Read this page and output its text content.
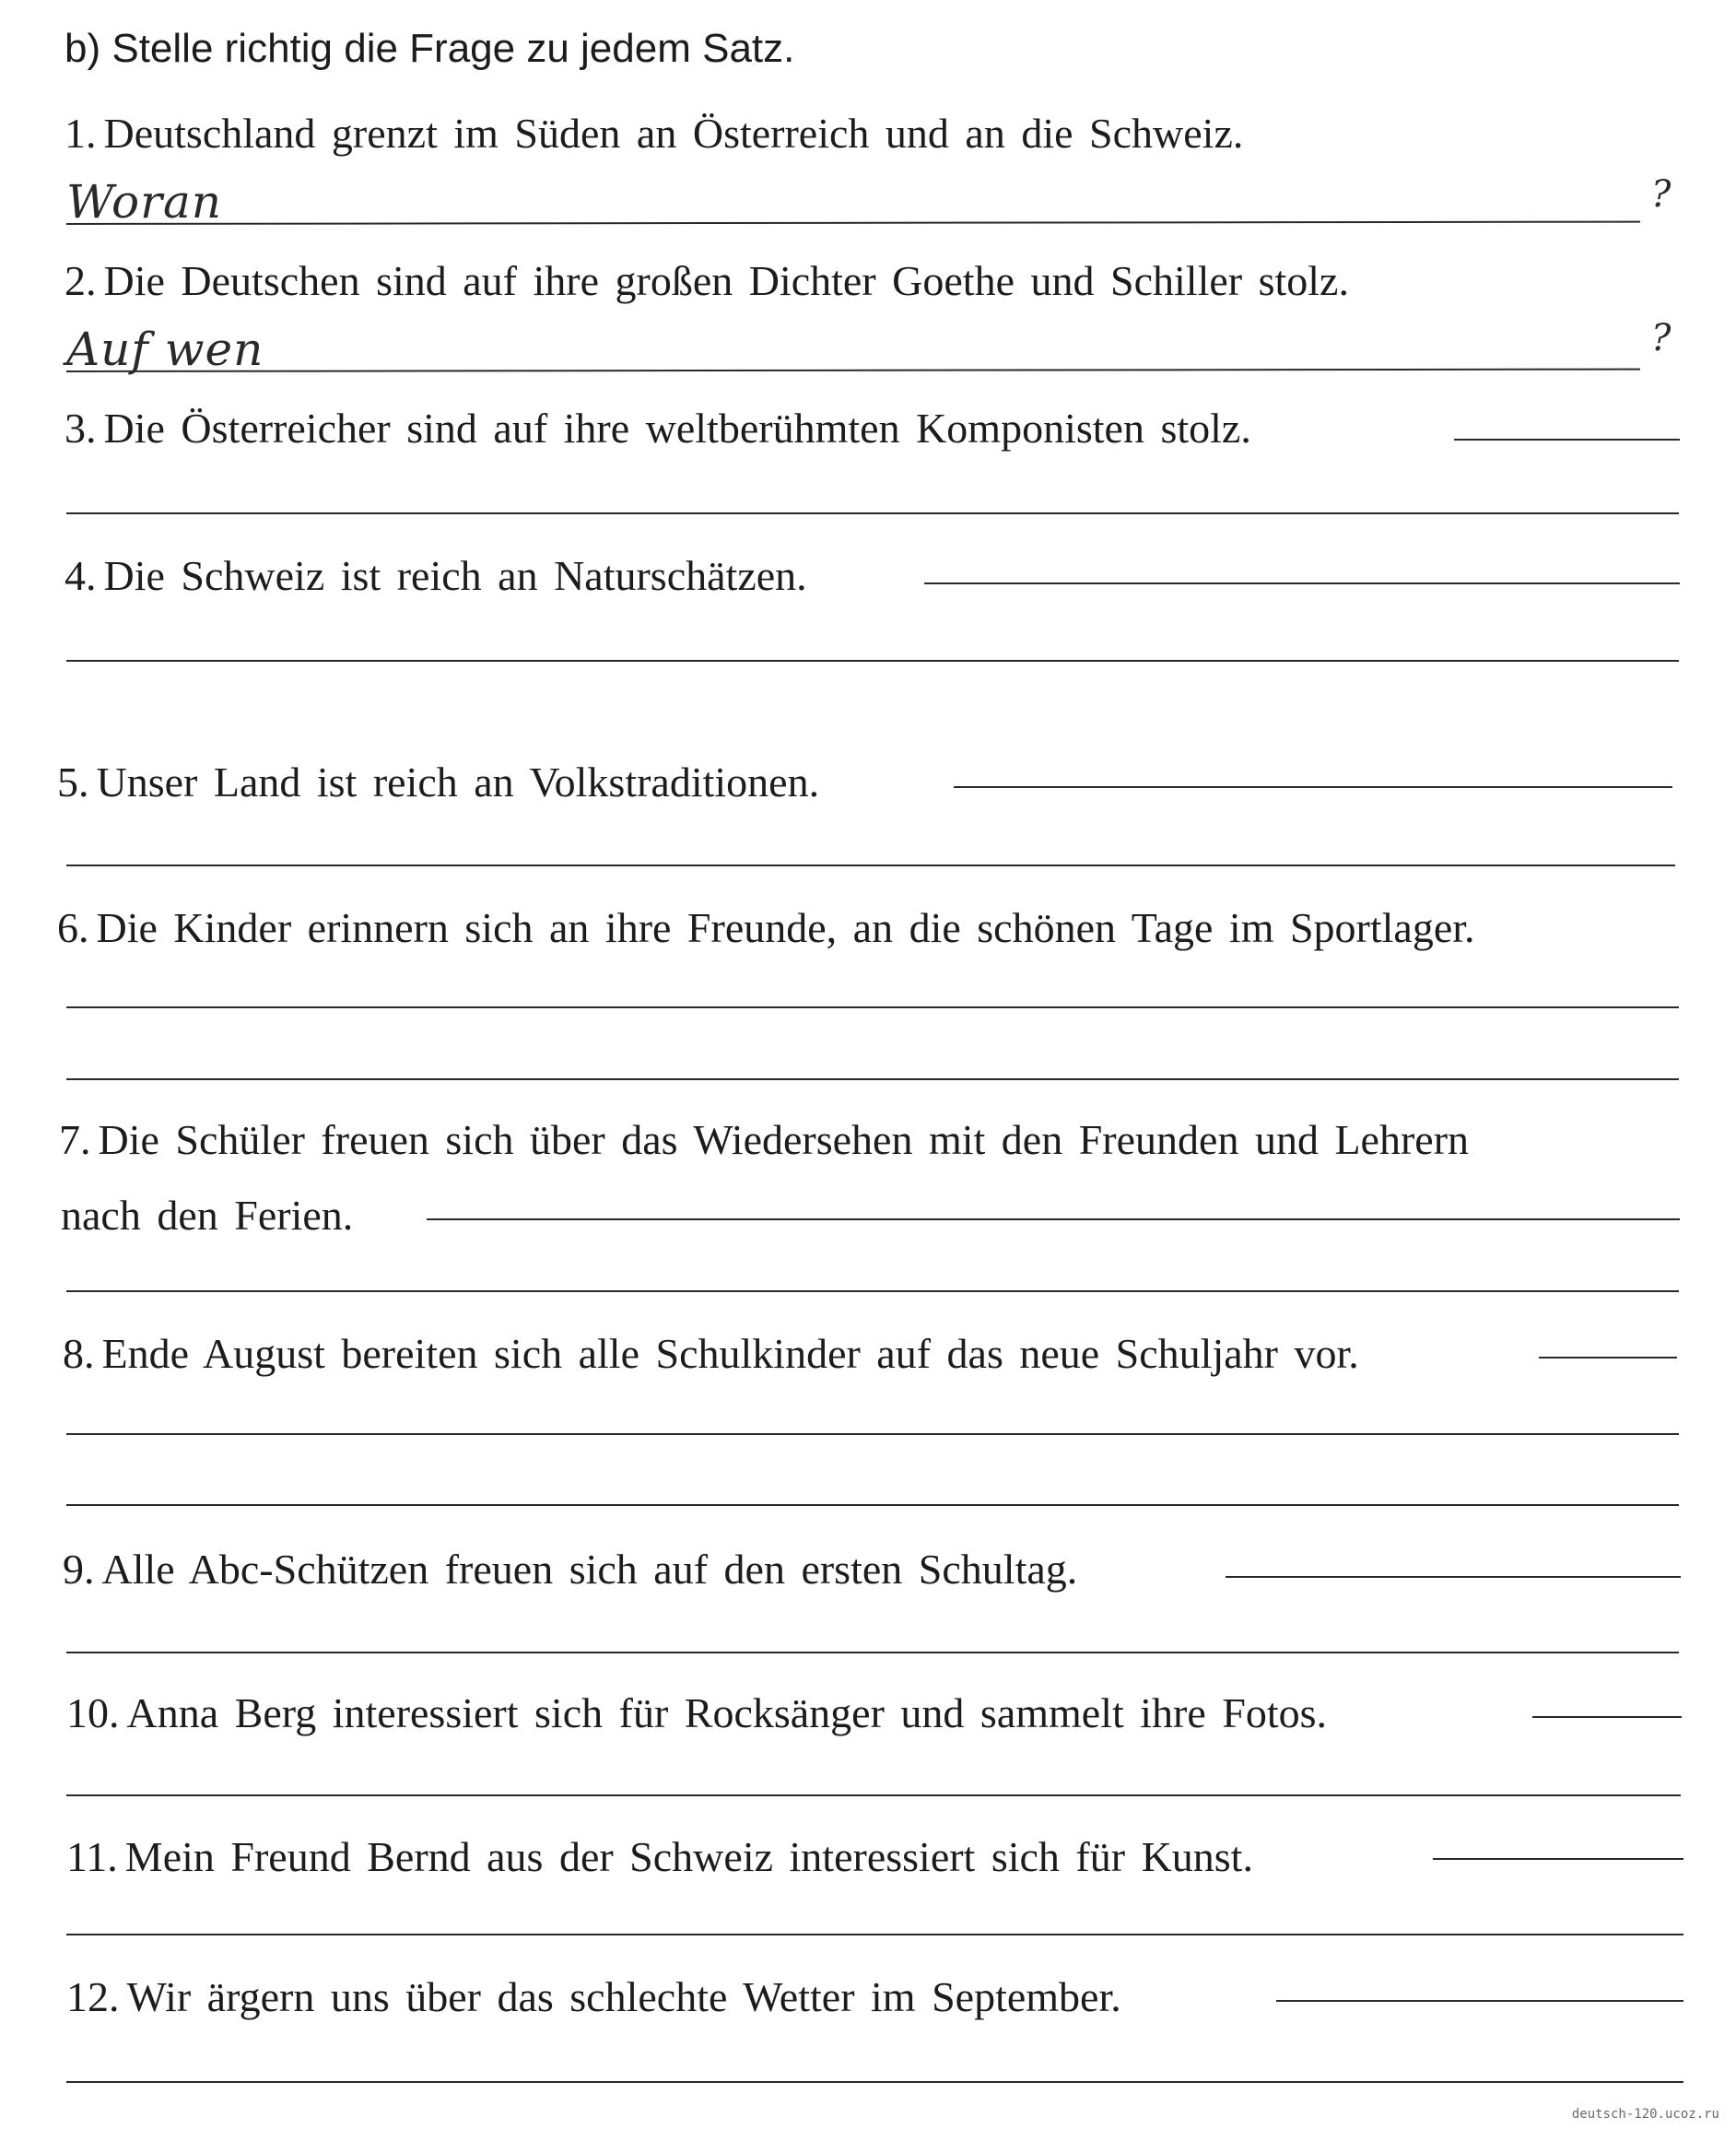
b) Stelle richtig die Frage zu jedem Satz.
1. Deutschland grenzt im Süden an Österreich und an die Schweiz.
Woran	?
2. Die Deutschen sind auf ihre großen Dichter Goethe und Schiller stolz.
Auf wen	?
3. Die Österreicher sind auf ihre weltberühmten Komponisten stolz.
4. Die Schweiz ist reich an Naturschätzen.
5. Unser Land ist reich an Volkstraditionen.
6. Die Kinder erinnern sich an ihre Freunde, an die schönen Tage im Sportlager.
7. Die Schüler freuen sich über das Wiedersehen mit den Freunden und Lehrern
nach den Ferien.
8. Ende August bereiten sich alle Schulkinder auf das neue Schuljahr vor.
9. Alle Abc-Schützen freuen sich auf den ersten Schultag.
10. Anna Berg interessiert sich für Rocksänger und sammelt ihre Fotos.
11. Mein Freund Bernd aus der Schweiz interessiert sich für Kunst.
12. Wir ärgern uns über das schlechte Wetter im September.
deutsch-120.ucoz.ru
